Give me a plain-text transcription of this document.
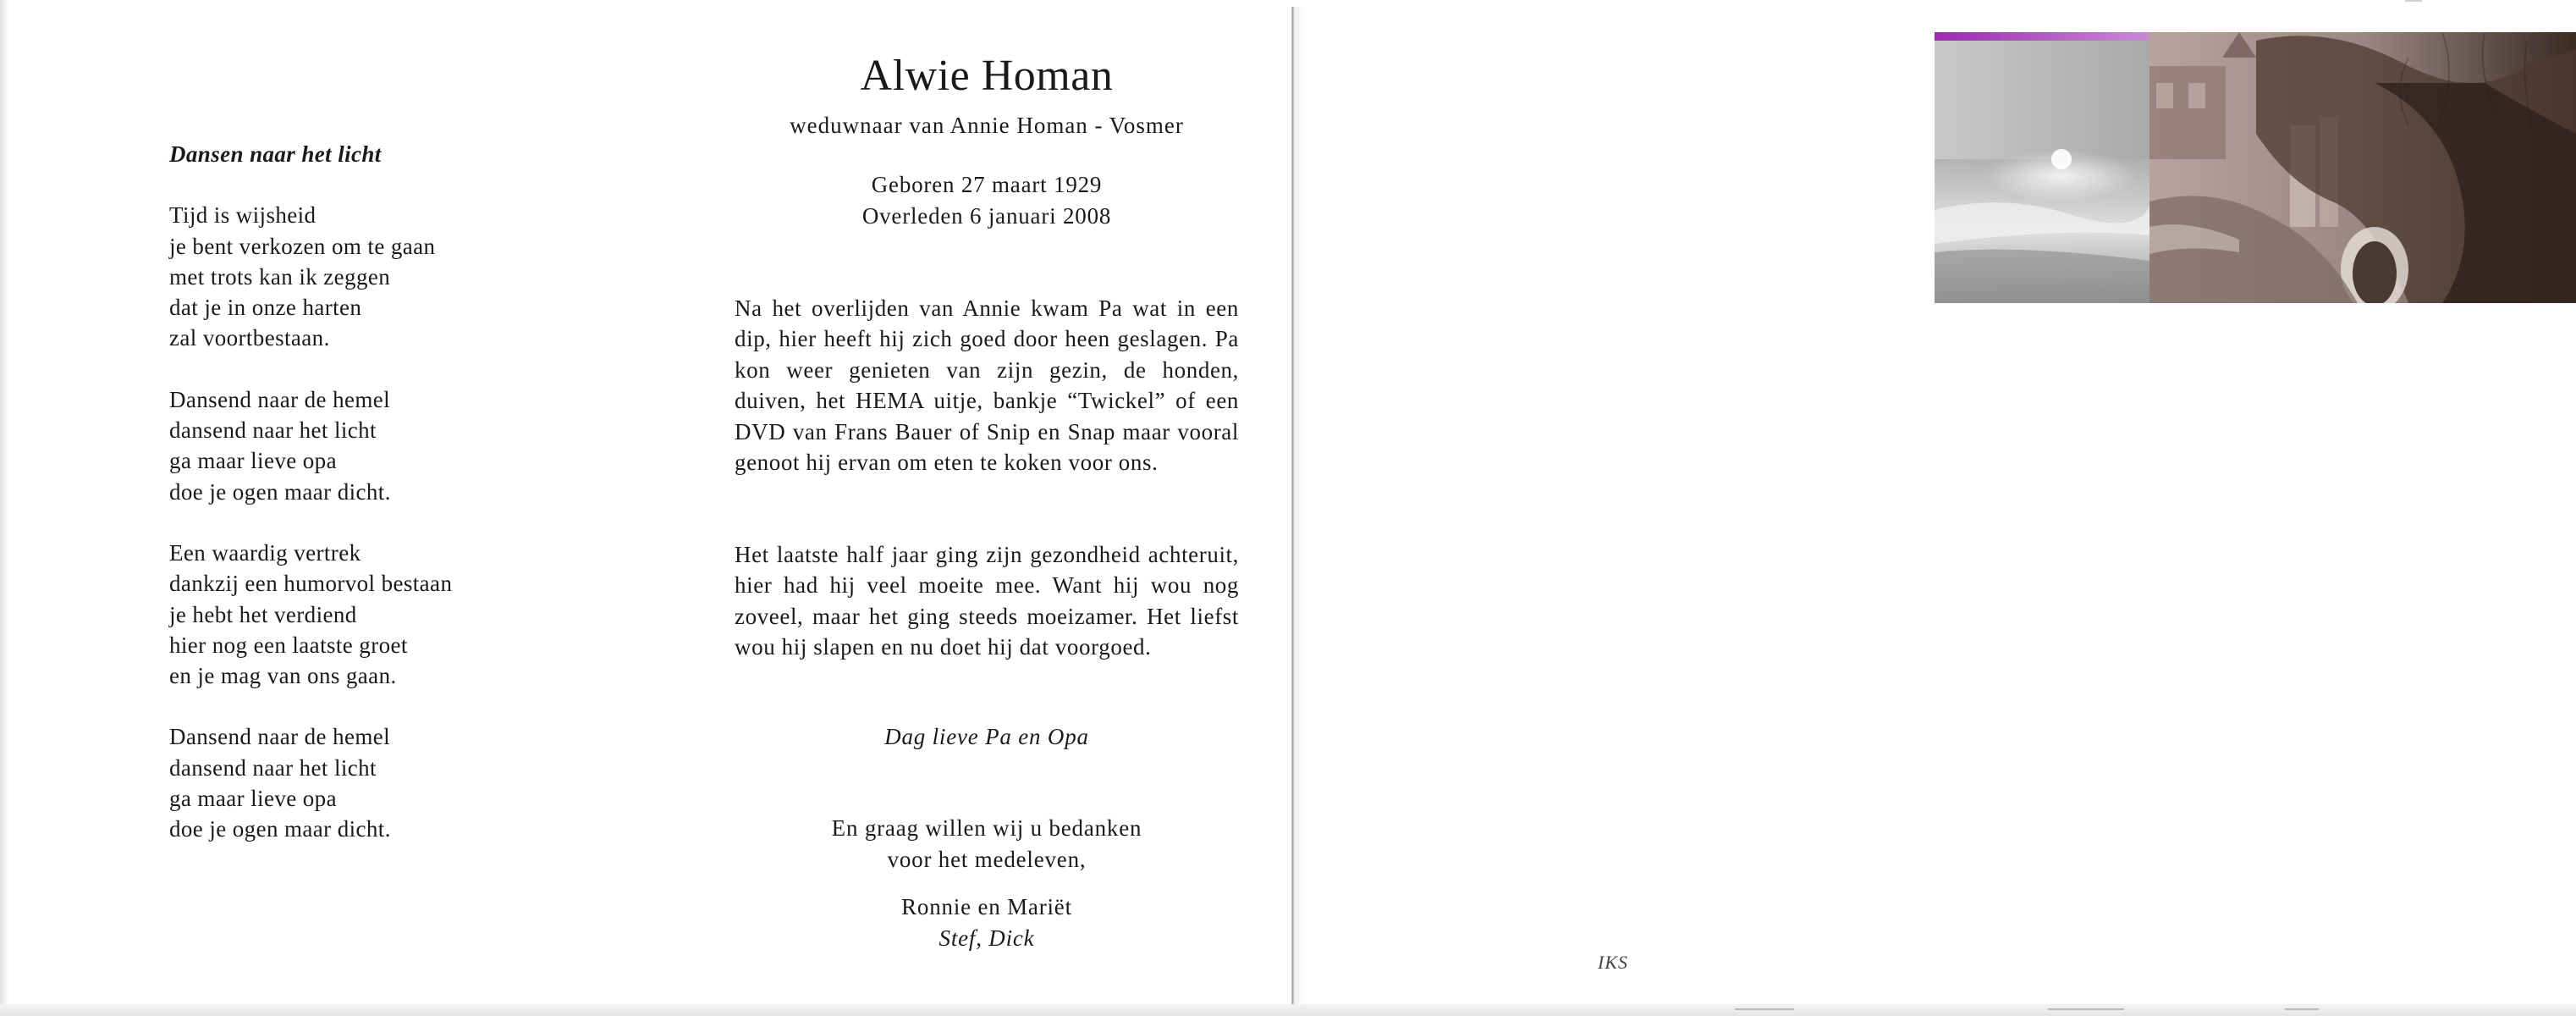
Dansen naar het licht
Tijd is wijsheid
je bent verkozen om te gaan
met trots kan ik zeggen
dat je in onze harten
zal voortbestaan.
Dansend naar de hemel
dansend naar het licht
ga maar lieve opa
doe je ogen maar dicht.
Een waardig vertrek
dankzij een humorvol bestaan
je hebt het verdiend
hier nog een laatste groet
en je mag van ons gaan.
Dansend naar de hemel
dansend naar het licht
ga maar lieve opa
doe je ogen maar dicht.
Alwie Homan
weduwnaar van Annie Homan - Vosmer
Geboren 27 maart 1929
Overleden 6 januari 2008
Na het overlijden van Annie kwam Pa wat in een dip, hier heeft hij zich goed door heen geslagen. Pa kon weer genieten van zijn gezin, de honden, duiven, het HEMA uitje, bankje “Twickel” of een DVD van Frans Bauer of Snip en Snap maar vooral genoot hij ervan om eten te koken voor ons.
Het laatste half jaar ging zijn gezondheid achteruit, hier had hij veel moeite mee. Want hij wou nog zoveel, maar het ging steeds moeizamer. Het liefst wou hij slapen en nu doet hij dat voorgoed.
Dag lieve Pa en Opa
En graag willen wij u bedanken
voor het medeleven,
Ronnie en Mariët
Stef, Dick
IKS
